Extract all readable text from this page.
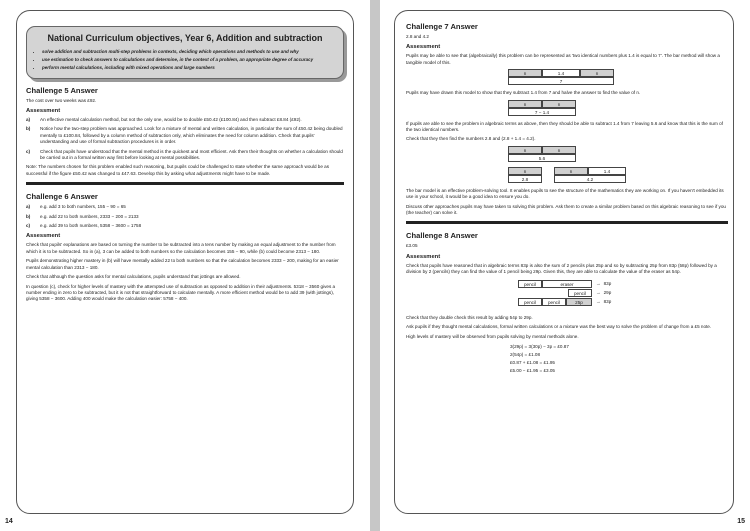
National Curriculum objectives, Year 6, Addition and subtraction
• solve addition and subtraction multi-step problems in contexts, deciding which operations and methods to use and why
• use estimation to check answers to calculations and determine, in the context of a problem, an appropriate degree of accuracy
• perform mental calculations, including with mixed operations and large numbers
Challenge 5 Answer

The cost over two weeks was £92.

Assessment
a)	An effective mental calculation method, but not the only one, would be to double £50.42 (£100.84) and then subtract £8.84 (£92).
b)	Notice how the two-step problem was approached. Look for a mixture of mental and written calculation, in particular the sum of £50.42 being doubled mentally to £100.84, followed by a column method of subtraction only, which eliminates the need for column addition. Check that pupils' understanding and use of formal subtraction procedures is in order.
c)	Check that pupils have understood that the mental method is the quickest and most efficient. Ask them their thoughts on whether a calculation should be carried out in a formal written way first before looking at mental possibilities.

Note: The numbers chosen for this problem enabled such reasoning, but pupils could be challenged to state whether the same approach would be as successful if the figure £50.42 was changed to £47.63. Develop this by asking what adjustments might have to be made.

Challenge 6 Answer
a)	e.g. add 3 to both numbers, 155 − 90 = 65
b)	e.g. add 22 to both numbers, 2333 − 200 = 2133
c)	e.g. add 39 to both numbers, 5358 − 3600 = 1758
Assessment

Check that pupils' explanations are based on turning the number to be subtracted into a tens number by making an equal adjustment to the number from which it is to be subtracted. So in (a), 3 can be added to both numbers so the calculation becomes 155 − 90, while (b) could become 2313 − 180.

Pupils demonstrating higher mastery in (b) will have mentally added 22 to both numbers so that the calculation becomes 2333 − 200, making for an easier mental calculation than 2313 − 180.

Check that although the question asks for mental calculations, pupils understand that jottings are allowed.

In question (c), check for higher levels of mastery with the attempted use of subtraction as opposed to addition in their adjustments. 5318 − 3560 gives a number ending in zero to be subtracted, but it is not that straightforward to calculate mentally. A more efficient method would be to add 39 (with jottings), giving 5358 − 3600. Adding 400 would make the calculation easier: 5758 − 400.

14
Challenge 7 Answer

2.8 and 4.2

Assessment

Pupils may be able to see that (algebraically) this problem can be represented as 'two identical numbers plus 1.4 is equal to 7'. The bar method will show a tangible model of this.

n	1.4	n
7

Pupils may have drawn this model to show that they subtract 1.4 from 7 and halve the answer to find the value of n.

n	n
7 − 1.4

If pupils are able to see the problem in algebraic terms as above, then they should be able to subtract 1.4 from 7 leaving 5.6 and know that this is the sum of the two identical numbers.

Check that they then find the numbers 2.8 and (2.8 + 1.4 = 4.2).

n	n
5.6
n
2.8
n	1.4
4.2

The bar model is an effective problem-solving tool. It enables pupils to see the structure of the mathematics they are working on. If you haven't embedded its use in your school, it would be a good idea to ensure you do.

Discuss other approaches pupils may have taken to solving this problem. Ask them to create a similar problem based on this algebraic reasoning to see if you (the teacher) can solve it.

Challenge 8 Answer

£3.05

Assessment

Check that pupils have reasoned that in algebraic terms 83p is also the sum of 2 pencils plus 25p and so by subtracting 25p from 83p (58p) followed by a division by 2 (pencils) they can find the value of 1 pencil being 29p. Given this, they are able to calculate the value of the eraser as 54p.

pencil	eraser	→ 83p
pencil	→ 29p
pencil	pencil	25p	→ 83p

Check that they double check this result by adding 54p to 29p.

Ask pupils if they thought mental calculations, formal written calculations or a mixture was the best way to solve the problem of change from a £5 note.

High levels of mastery will be observed from pupils solving by mental methods alone.

3(29p) = 3(30p) − 3p = £0.87
2(54p) = £1.08
£0.87 + £1.08 = £1.95
£5.00 − £1.95 = £3.05
15
